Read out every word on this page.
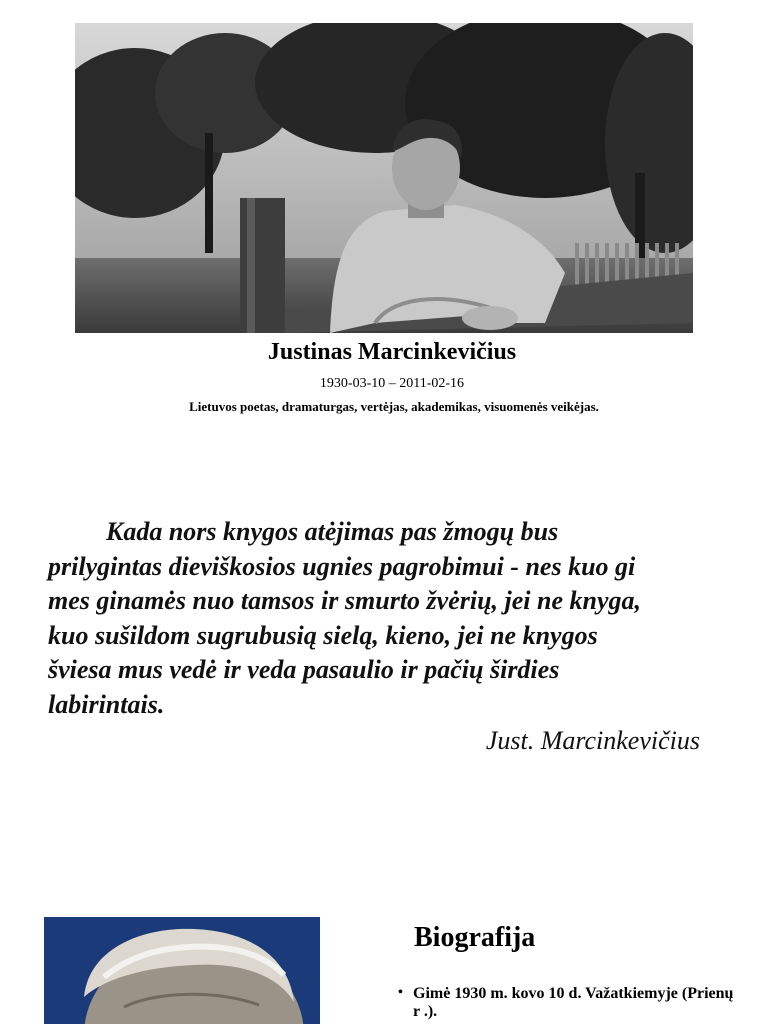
Justinas Marcinkevičius
1930-03-10 – 2011-02-16
Lietuvos poetas, dramaturgas, vertėjas, akademikas, visuomenės veikėjas.
Kada nors knygos atėjimas pas žmogų bus
prilygintas dieviškosios ugnies pagrobimui - nes kuo gi
mes ginamės nuo tamsos ir smurto žvėrių, jei ne knyga,
kuo sušildom sugrubusią sielą, kieno, jei ne knygos
šviesa mus vedė ir veda pasaulio ir pačių širdies
labirintais.
Just. Marcinkevičius
Biografija
• Gimė 1930 m. kovo 10 d. Važatkiemyje (Prienų r .).
